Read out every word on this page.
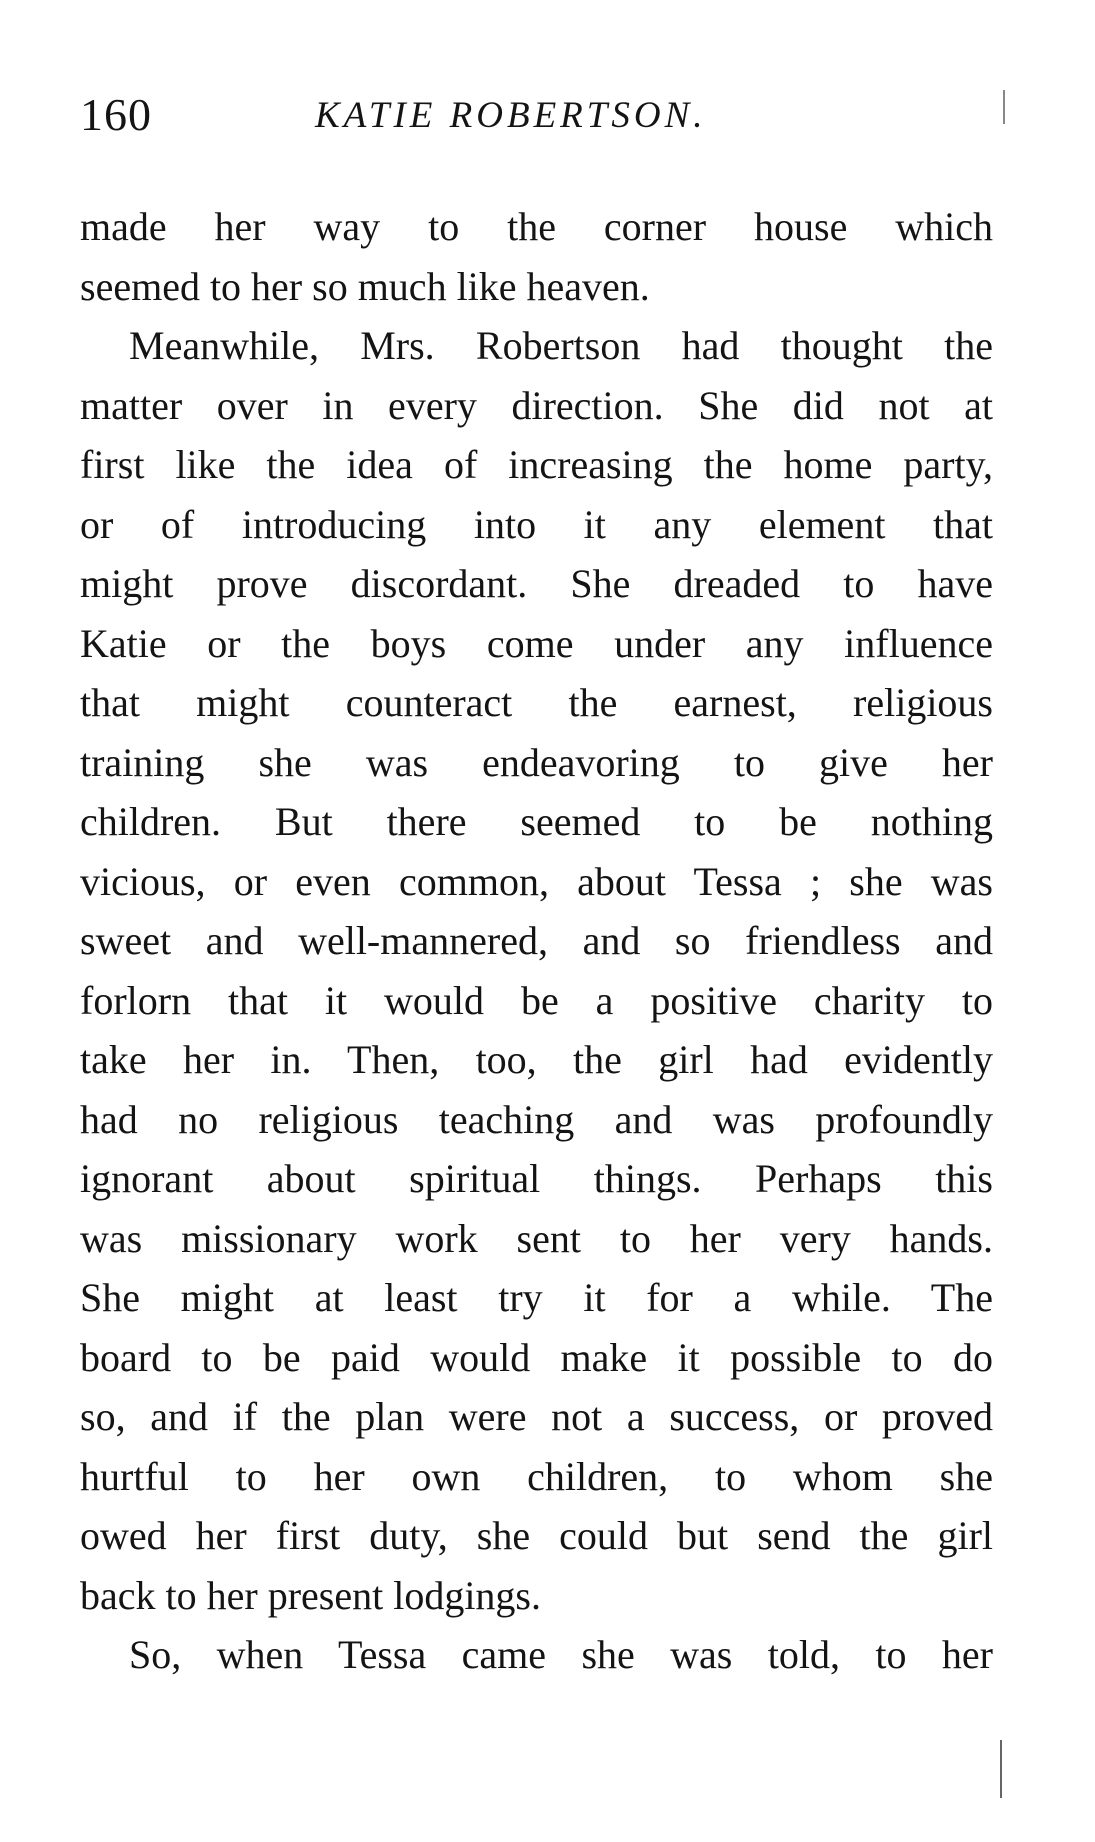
160	KATIE ROBERTSON.
made her way to the corner house which
seemed to her so much like heaven.
Meanwhile, Mrs. Robertson had thought the
matter over in every direction. She did not at
first like the idea of increasing the home party,
or of introducing into it any element that
might prove discordant. She dreaded to have
Katie or the boys come under any influence
that might counteract the earnest, religious
training she was endeavoring to give her
children. But there seemed to be nothing
vicious, or even common, about Tessa ; she was
sweet and well-mannered, and so friendless and
forlorn that it would be a positive charity to
take her in. Then, too, the girl had evidently
had no religious teaching and was profoundly
ignorant about spiritual things. Perhaps this
was missionary work sent to her very hands.
She might at least try it for a while. The
board to be paid would make it possible to do
so, and if the plan were not a success, or proved
hurtful to her own children, to whom she
owed her first duty, she could but send the girl
back to her present lodgings.
So, when Tessa came she was told, to her
